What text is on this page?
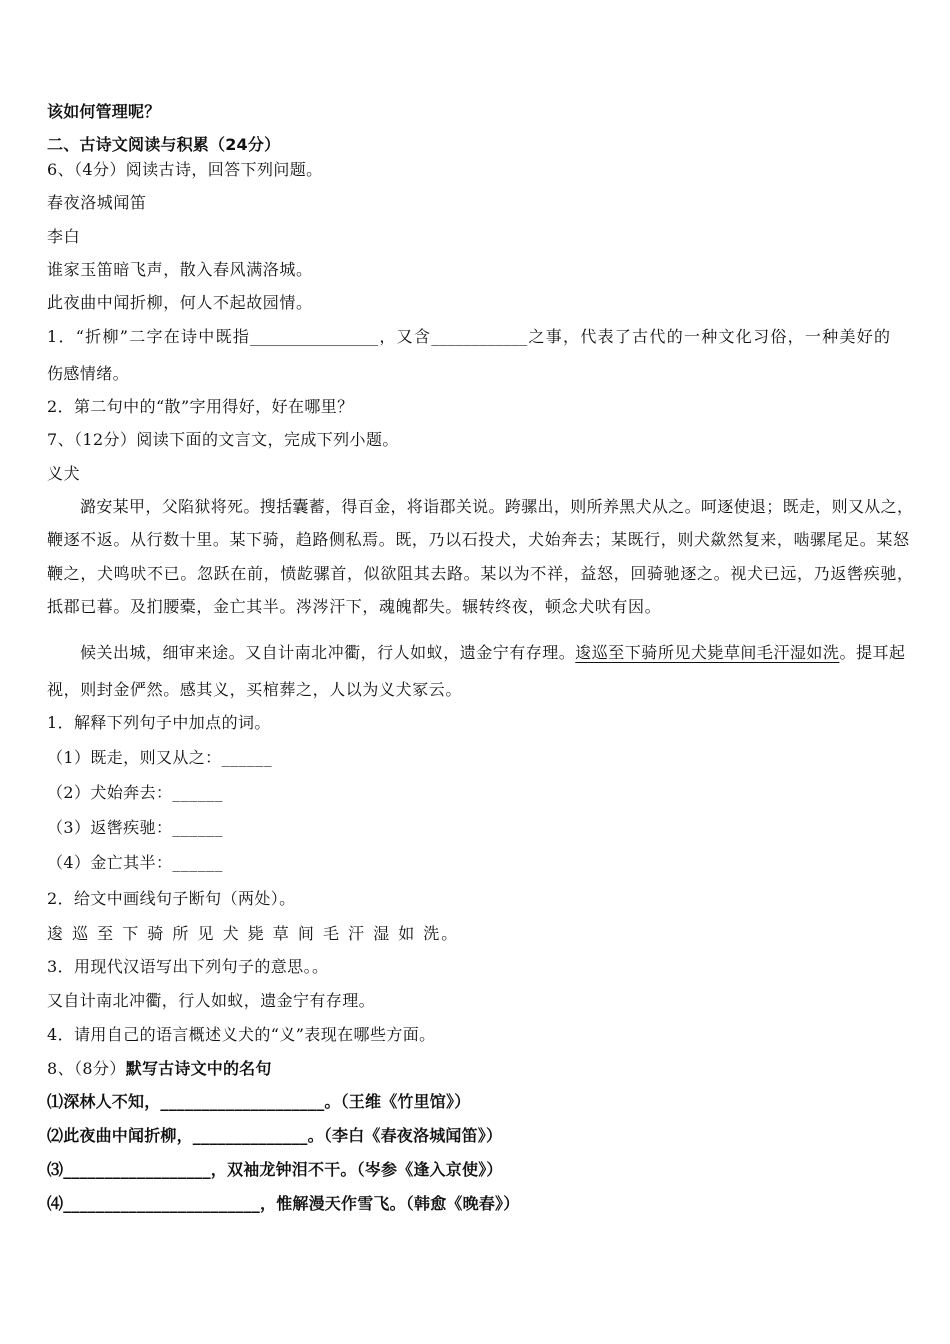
该如何管理呢？
二、古诗文阅读与积累（24分）
6、（4分）阅读古诗，回答下列问题。
春夜洛城闻笛
李白
谁家玉笛暗飞声，散入春风满洛城。
此夜曲中闻折柳，何人不起故园情。
1．“折柳”二字在诗中既指________________，又含____________之事，代表了古代的一种文化习俗，一种美好的
伤感情绪。
2．第二句中的“散”字用得好，好在哪里？
7、（12分）阅读下面的文言文，完成下列小题。
义犬
潞安某甲，父陷狱将死。搜括囊蓄，得百金，将诣郡关说。跨骡出，则所养黑犬从之。呵逐使退；既走，则又从之，
鞭逐不返。从行数十里。某下骑，趋路侧私焉。既，乃以石投犬，犬始奔去；某既行，则犬歘然复来，啮骡尾足。某怒
鞭之，犬鸣吠不已。忽跃在前，愤龁骡首，似欲阻其去路。某以为不祥，益怒，回骑驰逐之。视犬已远，乃返辔疾驰，
抵郡已暮。及扪腰橐，金亡其半。涔涔汗下，魂魄都失。辗转终夜，顿念犬吠有因。
候关出城，细审来途。又自计南北冲衢，行人如蚁，遗金宁有存理。逡巡至下骑所见犬毙草间毛汗湿如洗。提耳起
视，则封金俨然。感其义，买棺葬之，人以为义犬冢云。
1．解释下列句子中加点的词。
（1）既走，则又从之：______
（2）犬始奔去：______
（3）返辔疾驰：______
（4）金亡其半：______
2．给文中画线句子断句（两处）。
逡 巡 至 下 骑 所 见 犬 毙 草 间 毛 汗 湿 如 洗。
3．用现代汉语写出下列句子的意思。。
又自计南北冲衢，行人如蚁，遗金宁有存理。
4．请用自己的语言概述义犬的“义”表现在哪些方面。
8、（8分）默写古诗文中的名句
⑴深林人不知，____________________。（王维《竹里馆》）
⑵此夜曲中闻折柳，______________。（李白《春夜洛城闻笛》）
⑶__________________，双袖龙钟泪不干。（岑参《逢入京使》）
⑷________________________，惟解漫天作雪飞。（韩愈《晚春》）
